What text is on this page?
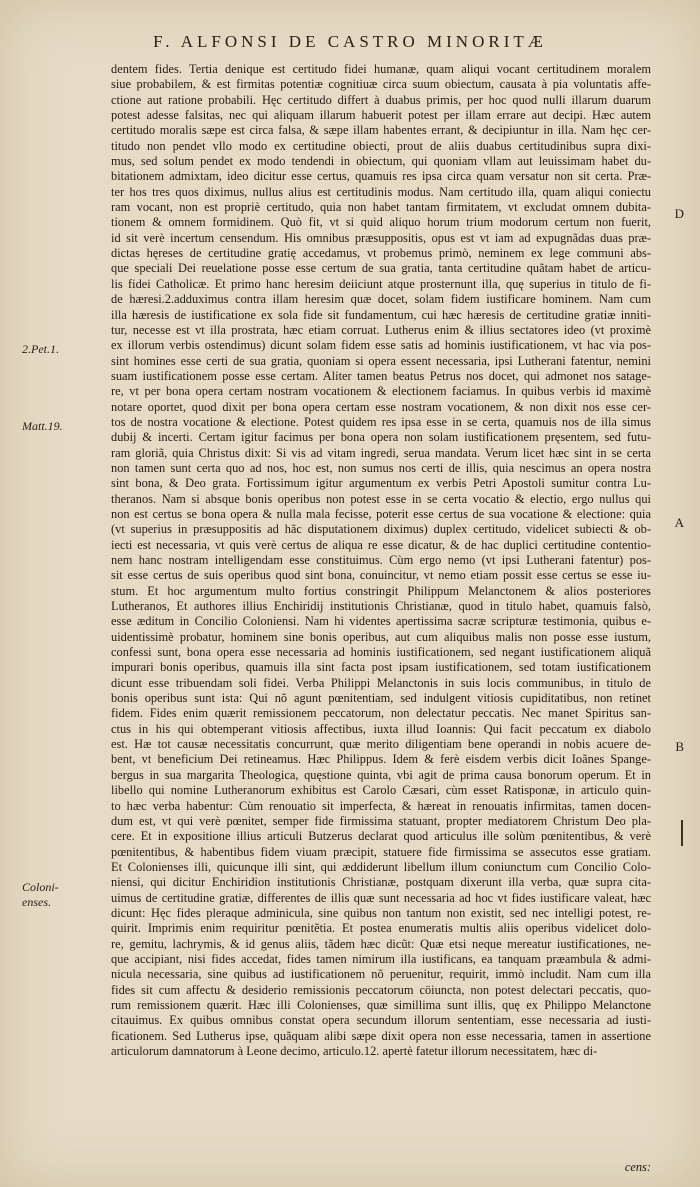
F. ALFONSI DE CASTRO MINORITÆ
dentem fides. Tertia denique est certitudo fidei humanæ, quam aliqui vocant certitudinem moralem
siue probabilem, & est firmitas potentiæ cognitiuæ circa suum obiectum, causata à pia voluntatis affe-
ctione aut ratione probabili. Hęc certitudo differt à duabus primis, per hoc quod nulli illarum duarum
potest adesse falsitas, nec qui aliquam illarum habuerit potest per illam errare aut decipi. Hæc autem
certitudo moralis sæpe est circa falsa, & sæpe illam habentes errant, & decipiuntur in illa. Nam hęc cer-
titudo non pendet vllo modo ex certitudine obiecti, prout de aliis duabus certitudinibus supra dixi-
mus, sed solum pendet ex modo tendendi in obiectum, qui quoniam vllam aut leuissimam habet du-
bitationem admixtam, ideo dicitur esse certus, quamuis res ipsa circa quam versatur non sit certa. Præ-
ter hos tres quos diximus, nullus alius est certitudinis modus. Nam certitudo illa, quam aliqui coniectu
ram vocant, non est propriè certitudo, quia non habet tantam firmitatem, vt excludat omnem dubita-
tionem & omnem formidinem. Quò fit, vt si quid aliquo horum trium modorum certum non fuerit,
id sit verè incertum censendum. His omnibus præsuppositis, opus est vt iam ad expugnãdas duas præ-
dictas hęreses de certitudine gratię accedamus, vt probemus primò, neminem ex lege communi abs-
que speciali Dei reuelatione posse esse certum de sua gratia, tanta certitudine quãtam habet de articu-
lis fidei Catholicæ. Et primo hanc heresim deiiciunt atque prosternunt illa, quę superius in titulo de fi-
de hæresi.2.adduximus contra illam heresim quæ docet, solam fidem iustificare hominem. Nam cum
illa hæresis de iustificatione ex sola fide sit fundamentum, cui hæc hæresis de certitudine gratiæ inniti-
tur, necesse est vt illa prostrata, hæc etiam corruat. Lutherus enim & illius sectatores ideo (vt proximè
ex illorum verbis ostendimus) dicunt solam fidem esse satis ad hominis iustificationem, vt hac via pos-
sint homines esse certi de sua gratia, quoniam si opera essent necessaria, ipsi Lutherani fatentur, nemini
suam iustificationem posse esse certam. Aliter tamen beatus Petrus nos docet, qui admonet nos satage-
re, vt per bona opera certam nostram vocationem & electionem faciamus. In quibus verbis id maximè
notare oportet, quod dixit per bona opera certam esse nostram vocationem, & non dixit nos esse cer-
tos de nostra vocatione & electione. Potest quidem res ipsa esse in se certa, quamuis nos de illa simus
dubij & incerti. Certam igitur facimus per bona opera non solam iustificationem pręsentem, sed futu-
ram gloriã, quia Christus dixit: Si vis ad vitam ingredi, serua mandata. Verum licet hæc sint in se certa
non tamen sunt certa quo ad nos, hoc est, non sumus nos certi de illis, quia nescimus an opera nostra
sint bona, & Deo grata. Fortissimum igitur argumentum ex verbis Petri Apostoli sumitur contra Lu-
theranos. Nam si absque bonis operibus non potest esse in se certa vocatio & electio, ergo nullus qui
non est certus se bona opera & nulla mala fecisse, poterit esse certus de sua vocatione & electione: quia
(vt superius in præsuppositis ad hãc disputationem diximus) duplex certitudo, videlicet subiecti & ob-
iecti est necessaria, vt quis verè certus de aliqua re esse dicatur, & de hac duplici certitudine contentio-
nem hanc nostram intelligendam esse constituimus. Cùm ergo nemo (vt ipsi Lutherani fatentur) pos-
sit esse certus de suis operibus quod sint bona, conuincitur, vt nemo etiam possit esse certus se esse iu-
stum. Et hoc argumentum multo fortius constringit Philippum Melanctonem & alios posteriores
Lutheranos, Et authores illius Enchiridij institutionis Christianæ, quod in titulo habet, quamuis falsò,
esse æditum in Concilio Coloniensi. Nam hi videntes apertissima sacræ scripturæ testimonia, quibus e-
uidentissimè probatur, hominem sine bonis operibus, aut cum aliquibus malis non posse esse iustum,
confessi sunt, bona opera esse necessaria ad hominis iustificationem, sed negant iustificationem aliquã
impurari bonis operibus, quamuis illa sint facta post ipsam iustificationem, sed totam iustificationem
dicunt esse tribuendam soli fidei. Verba Philippi Melanctonis in suis locis communibus, in titulo de
bonis operibus sunt ista: Qui nõ agunt pœnitentiam, sed indulgent vitiosis cupiditatibus, non retinet
fidem. Fides enim quærit remissionem peccatorum, non delectatur peccatis. Nec manet Spiritus san-
ctus in his qui obtemperant vitiosis affectibus, iuxta illud Ioannis: Qui facit peccatum ex diabolo
est. Hæ tot causæ necessitatis concurrunt, quæ merito diligentiam bene operandi in nobis acuere de-
bent, vt beneficium Dei retineamus. Hæc Philippus. Idem & ferè eisdem verbis dicit Ioãnes Spange-
bergus in sua margarita Theologica, quęstione quinta, vbi agit de prima causa bonorum operum. Et in
libello qui nomine Lutheranorum exhibitus est Carolo Cæsari, cùm esset Ratisponæ, in articulo quin-
to hæc verba habentur: Cùm renouatio sit imperfecta, & hæreat in renouatis infirmitas, tamen docen-
dum est, vt qui verè pœnitet, semper fide firmissima statuant, propter mediatorem Christum Deo pla-
cere. Et in expositione illius articuli Butzerus declarat quod articulus ille solùm pœnitentibus, & verè
pœnitentibus, & habentibus fidem viuam præcipit, statuere fide firmissima se assecutos esse gratiam.
Et Colonienses illi, quicunque illi sint, qui æddiderunt libellum illum coniunctum cum Concilio Colo-
niensi, qui dicitur Enchiridion institutionis Christianæ, postquam dixerunt illa verba, quæ supra cita-
uimus de certitudine gratiæ, differentes de illis quæ sunt necessaria ad hoc vt fides iustificare valeat, hæc
dicunt: Hęc fides pleraque adminicula, sine quibus non tantum non existit, sed nec intelligi potest, re-
quirit. Imprimis enim requiritur pœnitẽtia. Et postea enumeratis multis aliis operibus videlicet dolo-
re, gemitu, lachrymis, & id genus aliis, tãdem hæc dicũt: Quæ etsi neque mereatur iustificationes, ne-
que accipiant, nisi fides accedat, fides tamen nimirum illa iustificans, ea tanquam præambula & admi-
nicula necessaria, sine quibus ad iustificationem nõ peruenitur, requirit, immò includit. Nam cum illa
fides sit cum affectu & desiderio remissionis peccatorum cöiuncta, non potest delectari peccatis, quo-
rum remissionem quærit. Hæc illi Colonienses, quæ simillima sunt illis, quę ex Philippo Melanctone
citauimus. Ex quibus omnibus constat opera secundum illorum sententiam, esse necessaria ad iusti-
ficationem. Sed Lutherus ipse, quãquam alibi sæpe dixit opera non esse necessaria, tamen in assertione
articulorum damnatorum à Leone decimo, articulo.12. apertè fatetur illorum necessitatem, hæc di-
cens:
2.Pet.1.
Matt.19.
Coloni-
enses.
D
A
B
